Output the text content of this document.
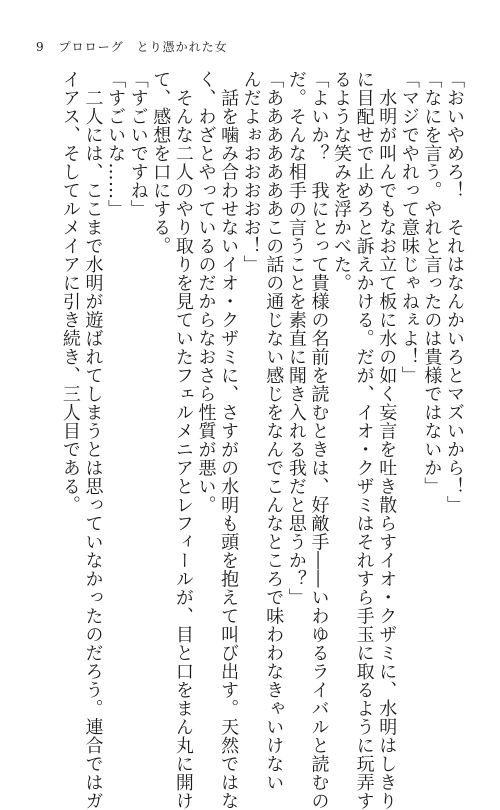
9 プロローグ　とり憑かれた女
「おいやめろ！　それはなんかいろとマズいから！」
「なにを言う。やれと言ったのは貴様ではないか」
「マジでやれって意味じゃねぇよ！」
　水明が叫んでもなお立て板に水の如く妄言を吐き散らすイオ・クザミに、水明はしきり
に目配せで止めろと訴えかける。だが、イオ・クザミはそれすら手玉に取るように玩弄す
るような笑みを浮かべた。
「よいか？　我にとって貴様の名前を読むときは、好敵手――いわゆるライバルと読むの
だ。そんな相手の言うことを素直に聞き入れる我だと思うか？」
「あああああああこの話の通じない感じをなんでこんなところで味わわなきゃいけない
んだよぉおおおおお！」
　話を噛み合わせないイオ・クザミに、さすがの水明も頭を抱えて叫び出す。天然ではな
く、わざとやっているのだからなおさら性質が悪い。
　そんな二人のやり取りを見ていたフェルメニアとレフィールが、目と口をまん丸に開け
て、感想を口にする。
「すごいですね」
「すごいな……」
　二人には、ここまで水明が遊ばれてしまうとは思っていなかったのだろう。連合ではガ
イアス、そしてルメイアに引き続き、三人目である。
